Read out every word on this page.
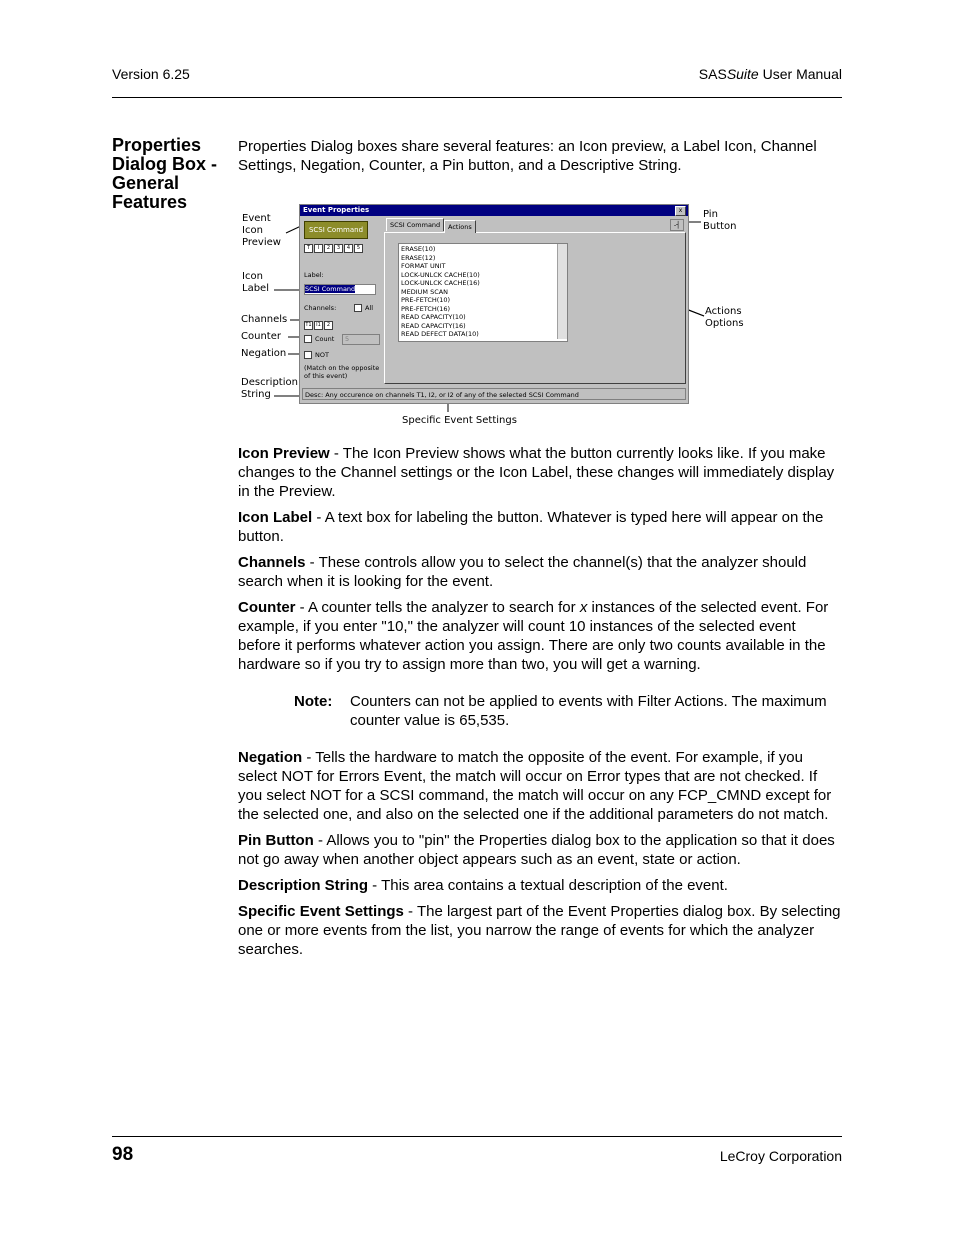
Version 6.25	SASSuite User Manual
Properties Dialog Box - General Features
Properties Dialog boxes share several features: an Icon preview, a Label Icon, Channel Settings, Negation, Counter, a Pin button, and a Descriptive String.
Event
Icon
Preview
Icon
Label
Channels
Counter
Negation
Description
String
Pin
Button
Actions
Options
Specific Event Settings
Event Properties	x
SCSI Command
T I 2 3 4 5
Label:
SCSI Command
Channels:	All
T1 I1 2
Count	5
NOT
(Match on the opposite of this event)
SCSI Command	Actions	-┤
ERASE(10)
ERASE(12)
FORMAT UNIT
LOCK-UNLCK CACHE(10)
LOCK-UNLCK CACHE(16)
MEDIUM SCAN
PRE-FETCH(10)
PRE-FETCH(16)
READ CAPACITY(10)
READ CAPACITY(16)
READ DEFECT DATA(10)
Desc: Any occurence on channels T1, I2, or I2 of any of the selected SCSI Command

Icon Preview - The Icon Preview shows what the button currently looks like. If you make changes to the Channel settings or the Icon Label, these changes will immediately display in the Preview.

Icon Label - A text box for labeling the button. Whatever is typed here will appear on the button.

Channels - These controls allow you to select the channel(s) that the analyzer should search when it is looking for the event.

Counter - A counter tells the analyzer to search for x instances of the selected event. For example, if you enter "10," the analyzer will count 10 instances of the selected event before it performs whatever action you assign. There are only two counts available in the hardware so if you try to assign more than two, you will get a warning.

Note: Counters can not be applied to events with Filter Actions. The maximum counter value is 65,535.

Negation - Tells the hardware to match the opposite of the event. For example, if you select NOT for Errors Event, the match will occur on Error types that are not checked. If you select NOT for a SCSI command, the match will occur on any FCP_CMND except for the selected one, and also on the selected one if the additional parameters do not match.

Pin Button - Allows you to "pin" the Properties dialog box to the application so that it does not go away when another object appears such as an event, state or action.

Description String - This area contains a textual description of the event.

Specific Event Settings - The largest part of the Event Properties dialog box. By selecting one or more events from the list, you narrow the range of events for which the analyzer searches.

98	LeCroy Corporation
